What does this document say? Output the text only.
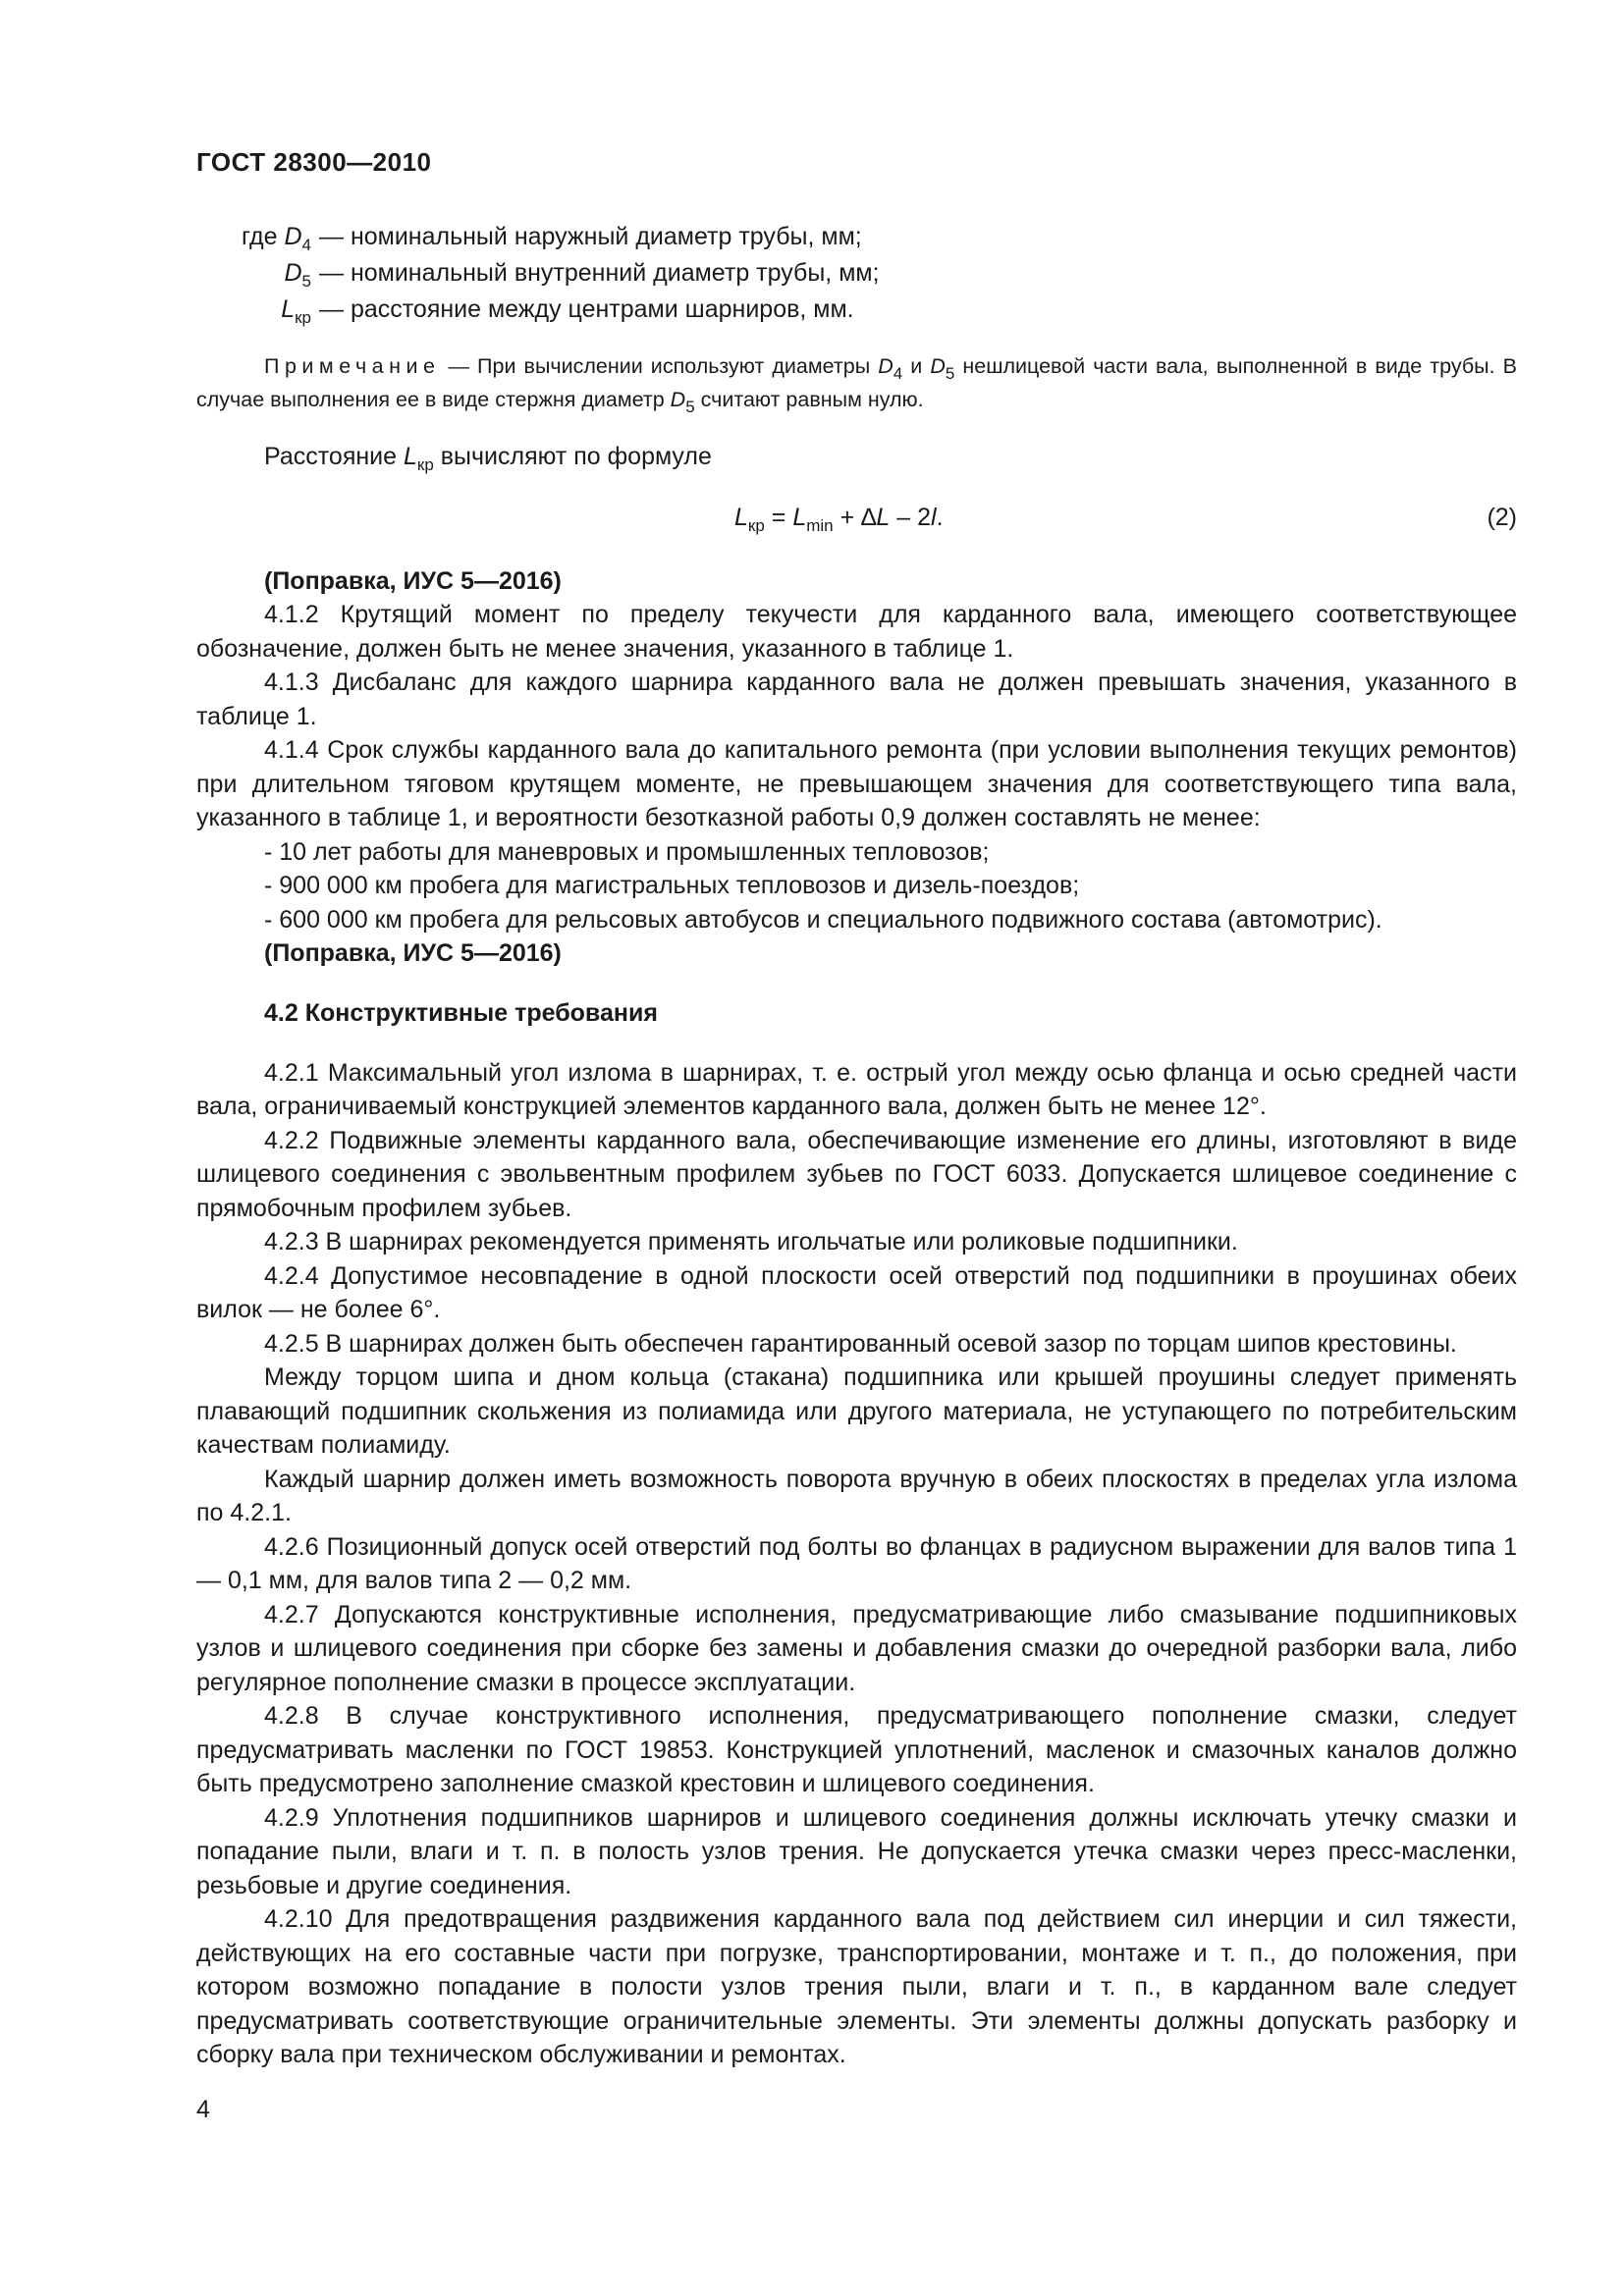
ГОСТ 28300—2010
где $D_4$ — номинальный наружный диаметр трубы, мм;
$D_5$ — номинальный внутренний диаметр трубы, мм;
$L_{кр}$ — расстояние между центрами шарниров, мм.

Примечание — При вычислении используют диаметры $D_4$ и $D_5$ нешлицевой части вала, выполненной в виде трубы. В случае выполнения ее в виде стержня диаметр $D_5$ считают равным нулю.

Расстояние $L_{кр}$ вычисляют по формуле

$L_{кр} = L_{min} + \Delta L - 2l$.	(2)

(Поправка, ИУС 5—2016)

4.1.2 Крутящий момент по пределу текучести для карданного вала, имеющего соответствующее обозначение, должен быть не менее значения, указанного в таблице 1.

4.1.3 Дисбаланс для каждого шарнира карданного вала не должен превышать значения, указанного в таблице 1.

4.1.4 Срок службы карданного вала до капитального ремонта (при условии выполнения текущих ремонтов) при длительном тяговом крутящем моменте, не превышающем значения для соответствующего типа вала, указанного в таблице 1, и вероятности безотказной работы 0,9 должен составлять не менее:

- 10 лет работы для маневровых и промышленных тепловозов;

- 900 000 км пробега для магистральных тепловозов и дизель-поездов;

- 600 000 км пробега для рельсовых автобусов и специального подвижного состава (автомотрис).

(Поправка, ИУС 5—2016)

4.2 Конструктивные требования

4.2.1 Максимальный угол излома в шарнирах, т. е. острый угол между осью фланца и осью средней части вала, ограничиваемый конструкцией элементов карданного вала, должен быть не менее 12°.

4.2.2 Подвижные элементы карданного вала, обеспечивающие изменение его длины, изготовляют в виде шлицевого соединения с эвольвентным профилем зубьев по ГОСТ 6033. Допускается шлицевое соединение с прямобочным профилем зубьев.

4.2.3 В шарнирах рекомендуется применять игольчатые или роликовые подшипники.

4.2.4 Допустимое несовпадение в одной плоскости осей отверстий под подшипники в проушинах обеих вилок — не более 6°.

4.2.5 В шарнирах должен быть обеспечен гарантированный осевой зазор по торцам шипов крестовины.

Между торцом шипа и дном кольца (стакана) подшипника или крышей проушины следует применять плавающий подшипник скольжения из полиамида или другого материала, не уступающего по потребительским качествам полиамиду.

Каждый шарнир должен иметь возможность поворота вручную в обеих плоскостях в пределах угла излома по 4.2.1.

4.2.6 Позиционный допуск осей отверстий под болты во фланцах в радиусном выражении для валов типа 1 — 0,1 мм, для валов типа 2 — 0,2 мм.

4.2.7 Допускаются конструктивные исполнения, предусматривающие либо смазывание подшипниковых узлов и шлицевого соединения при сборке без замены и добавления смазки до очередной разборки вала, либо регулярное пополнение смазки в процессе эксплуатации.

4.2.8 В случае конструктивного исполнения, предусматривающего пополнение смазки, следует предусматривать масленки по ГОСТ 19853. Конструкцией уплотнений, масленок и смазочных каналов должно быть предусмотрено заполнение смазкой крестовин и шлицевого соединения.

4.2.9 Уплотнения подшипников шарниров и шлицевого соединения должны исключать утечку смазки и попадание пыли, влаги и т. п. в полость узлов трения. Не допускается утечка смазки через пресс-масленки, резьбовые и другие соединения.

4.2.10 Для предотвращения раздвижения карданного вала под действием сил инерции и сил тяжести, действующих на его составные части при погрузке, транспортировании, монтаже и т. п., до положения, при котором возможно попадание в полости узлов трения пыли, влаги и т. п., в карданном вале следует предусматривать соответствующие ограничительные элементы. Эти элементы должны допускать разборку и сборку вала при техническом обслуживании и ремонтах.

4
